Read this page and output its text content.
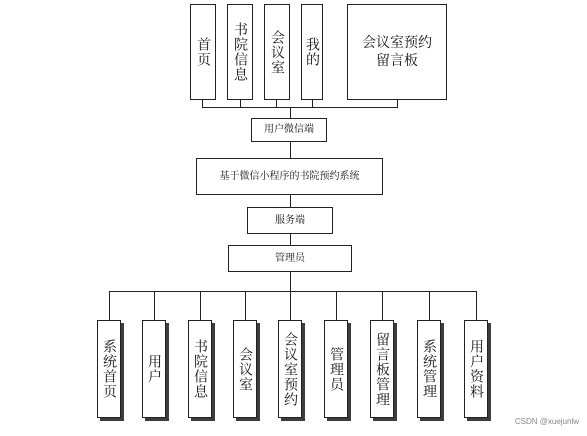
首页 书院信息 会议室 我的	会议室预约留言板
用户微信端
基于微信小程序的书院预约系统
服务端
管理员
系统首页 用户 书院信息 会议室 会议室预约 管理员 留言板管理 系统管理 用户资料
CSDN @xuejunlw
